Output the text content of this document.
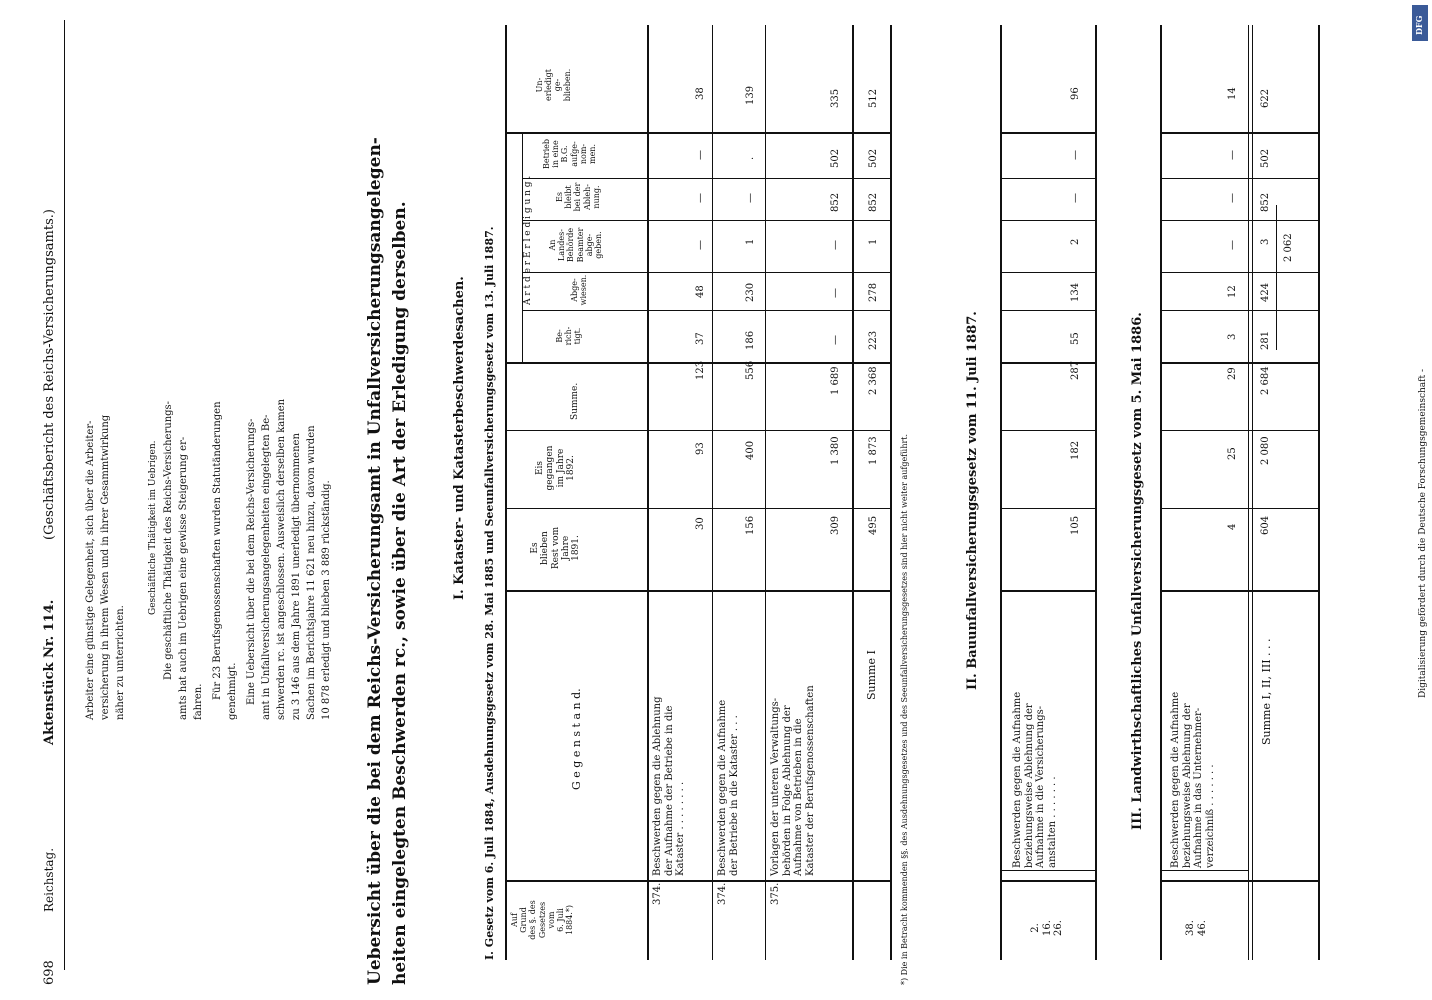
698
Reichstag.
Aktenstück Nr. 114.
(Geschäftsbericht des Reichs-Versicherungsamts.)
Arbeiter eine günstige Gelegenheit, sich über die Arbeiter- versicherung in ihrem Wesen und in ihrer Gesammtwirkung näher zu unterrichten.
Geschäftliche Thätigkeit im Uebrigen. Die geschäftliche Thätigkeit des Reichs-Versicherungs- amts hat auch im Uebrigen eine gewisse Steigerung er- fahren.
Für 23 Berufsgenossenschaften wurden Statutänderungen genehmigt. Eine Uebersicht über die bei dem Reichs-Versicherungs- amt in Unfallversicherungsangelegenheiten eingelegten Be- schwerden rc. ist angeschlossen. Ausweislich derselben kamen zu 3 146 aus dem Jahre 1891 unerledigt übernommenen Sachen im Berichtsjahre 11 621 neu hinzu, davon wurden 10 878 erledigt und blieben 3 889 rückständig. Uebersicht über die bei dem Reichs-Versicherungsamt in Unfallversicherungsangelegen- heiten eingelegten Beschwerden rc., sowie über die Art der Erledigung derselben.	I. Kataster- und Katasterbeschwerdesachen. I. Gesetz vom 6. Juli 1884, Ausdehnungsgesetz vom 28. Mai 1885 und Seeunfallversicherungsgesetz vom 13. Juli 1887. Auf Grund des §. des Gesetzes vom 6. Juli 1884.*)
G e g e n s t a n d.
Es blieben Rest vom Jahre 1891.
Eis gegangen im Jahre 1892.
Summe.
A r t d e r E r l e d i g u n g .
Be- rich- tigt.
Abge- wiesen.
An Landes- Behörde Beamter abge- geben.
Es bleibt bei der Ableh- nung.
Betrieb in eine B.G. aufge- nom- men.
Un- erledigt ge- blieben.
374.
Beschwerden gegen die Ablehnung der Aufnahme der Betriebe in die Kataster . . . . . . . .
30
93
123
37
48
—
—
—
38
374.
Beschwerden gegen die Aufnahme der Betriebe in die Kataster . . .
156
400
556
186
230
1
—
.
139
375.
Vorlagen der unteren Verwaltungs- behörden in Folge Ablehnung der Aufnahme von Betrieben in die Kataster der Berufsgenossenschaften
309
1 380
1 689
—
—
—
852
502
335
Summe I
495
1 873
2 368
223
278
1
852
502
512
*) Die in Betracht kommenden §§. des Ausdehnungsgesetzes und des Seeunfallversicherungsgesetzes sind hier nicht weiter aufgeführt.	II. Bauunfallversicherungsgesetz vom 11. Juli 1887.
2. 16. 26.
Beschwerden gegen die Aufnahme beziehungsweise Ablehnung der Aufnahme in die Versicherungs- anstalten . . . . . . .
105
182
287
55
134
2
—
—
96
III. Landwirthschaftliches Unfallversicherungsgesetz vom 5. Mai 1886.
38. 46.
Beschwerden gegen die Aufnahme beziehungsweise Ablehnung der Aufnahme in das Unternehmer- verzeichniß . . . . . . .
4
25
29
3
12
—
—
—
14
Summe I, II, III . . .
604
2 080
2 684
281
424
3
852
502
622
2 062
Digitalisierung gefördert durch die Deutsche Forschungsgemeinschaft -
DFG
